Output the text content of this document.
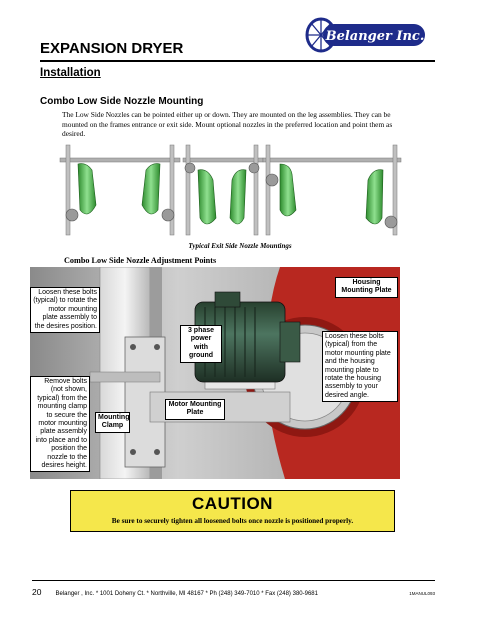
Belanger Inc.
EXPANSION DRYER
Installation
Combo Low Side Nozzle Mounting
The Low Side Nozzles can be pointed either up or down. They are mounted on the leg assemblies. They can be mounted on the frames entrance or exit side. Mount optional nozzles in the preferred location and point them as desired.
Typical Exit Side Nozzle Mountings
Combo Low Side Nozzle Adjustment Points
Loosen these bolts (typical) to rotate the motor mounting plate assembly to the desires position.
Remove bolts (not shown, typical) from the mounting clamp to secure the motor mounting plate assembly into place and to position the nozzle to the desires height.
Mounting Clamp
3 phase power with ground
Motor Mounting Plate
Housing Mounting Plate
Loosen these bolts (typical) from the motor mounting plate and the housing mounting plate to rotate the housing assembly to your desired angle.
CAUTION
Be sure to securely tighten all loosened bolts once nozzle is positioned properly.
20 Belanger , Inc. * 1001 Doheny Ct. * Northville, MI 48167 * Ph (248) 349-7010 * Fax (248) 380-9681	1MANUL093
